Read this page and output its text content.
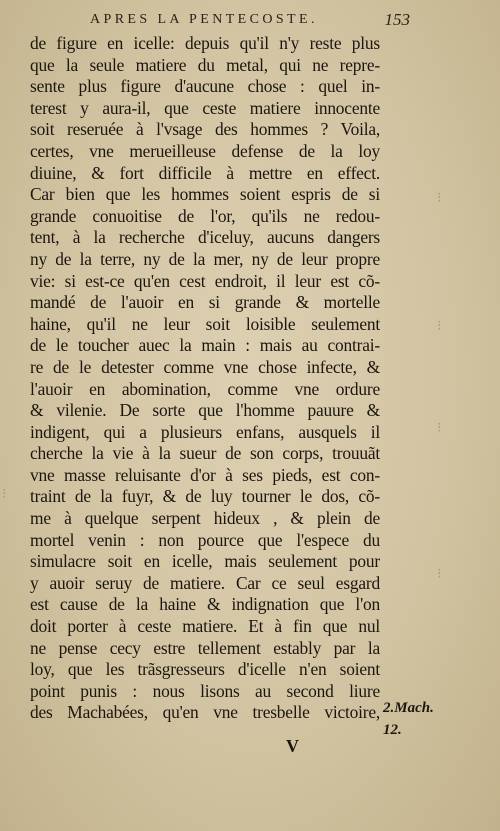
APRES LA PENTECOSTE.	153
⁝
⁝
⁝
⁝
⁝
de figure en icelle: depuis qu'il n'y reste plus
que la seule matiere du metal, qui ne repre-
sente plus figure d'aucune chose : quel in-
terest y aura-il, que ceste matiere innocente
soit reseruée à l'vsage des hommes ? Voila,
certes, vne merueilleuse defense de la loy
diuine, & fort difficile à mettre en effect.
Car bien que les hommes soient espris de si
grande conuoitise de l'or, qu'ils ne redou-
tent, à la recherche d'iceluy, aucuns dangers
ny de la terre, ny de la mer, ny de leur propre
vie: si est-ce qu'en cest endroit, il leur est cõ-
mandé de l'auoir en si grande & mortelle
haine, qu'il ne leur soit loisible seulement
de le toucher auec la main : mais au contrai-
re de le detester comme vne chose infecte, &
l'auoir en abomination, comme vne ordure
& vilenie. De sorte que l'homme pauure &
indigent, qui a plusieurs enfans, ausquels il
cherche la vie à la sueur de son corps, trouuãt
vne masse reluisante d'or à ses pieds, est con-
traint de la fuyr, & de luy tourner le dos, cõ-
me à quelque serpent hideux , & plein de
mortel venin : non pource que l'espece du
simulacre soit en icelle, mais seulement pour
y auoir seruy de matiere. Car ce seul esgard
est cause de la haine & indignation que l'on
doit porter à ceste matiere. Et à fin que nul
ne pense cecy estre tellement estably par la
loy, que les trãsgresseurs d'icelle n'en soient
point punis : nous lisons au second liure
des Machabées, qu'en vne tresbelle victoire, 2.Mach.
12.
V
